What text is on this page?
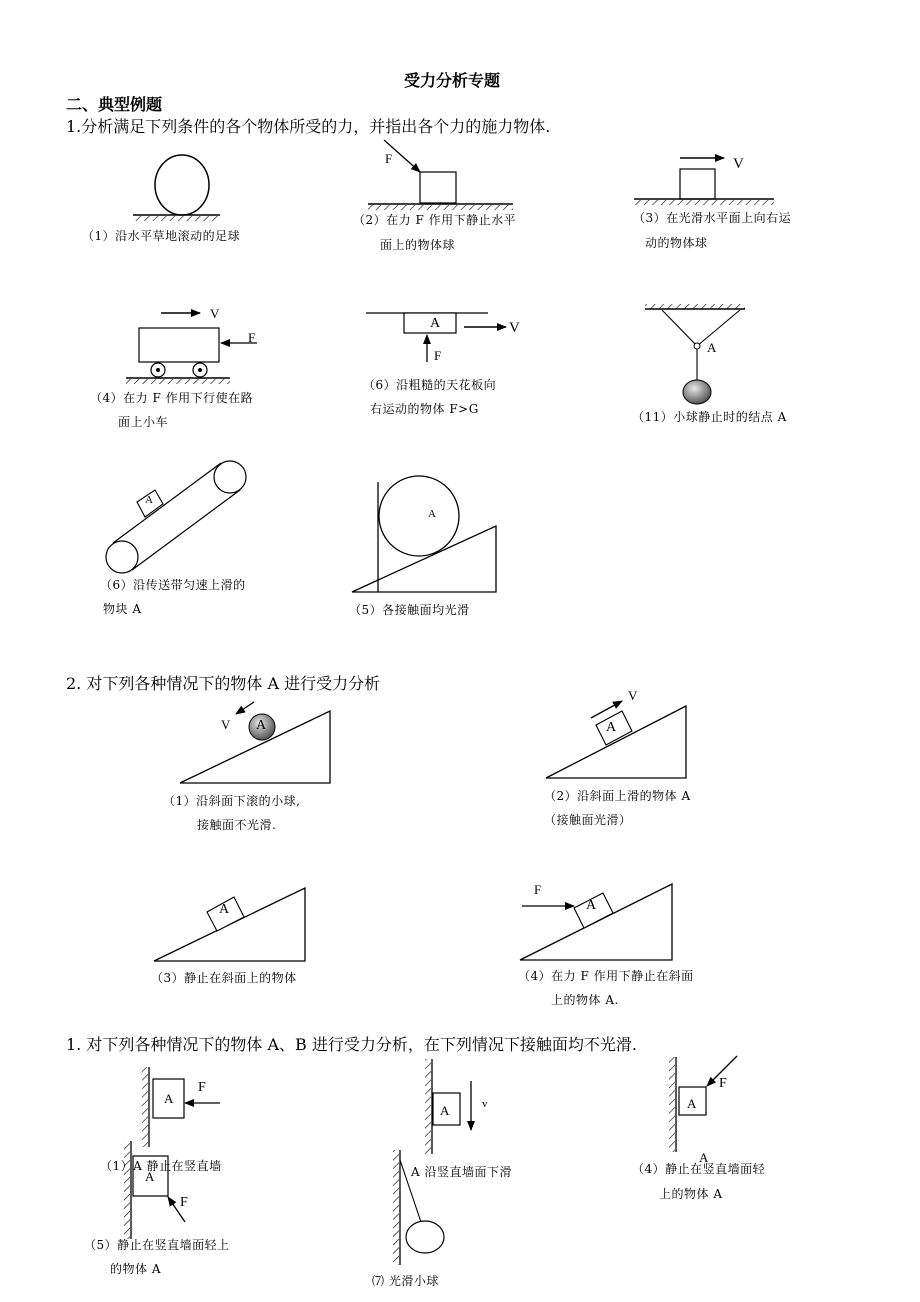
受力分析专题
二、典型例题
1.分析满足下列条件的各个物体所受的力，并指出各个力的施力物体.
2. 对下列各种情况下的物体 A 进行受力分析
1. 对下列各种情况下的物体 A、B 进行受力分析，在下列情况下接触面均不光滑.
F	V
V
F
A	V
F
A
A
A
V A
V
A
A
F
A
A
F
A
F
A	v	A
F
A
（1）沿水平草地滚动的足球
（2）在力 F 作用下静止水平
面上的物体球
（3）在光滑水平面上向右运
动的物体球
（4）在力 F 作用下行使在路
面上小车
（6）沿粗糙的天花板向
右运动的物体 F>G
（11）小球静止时的结点 A
（6）沿传送带匀速上滑的
物块 A	（5）各接触面均光滑
（1）沿斜面下滚的小球,
接触面不光滑.
（2）沿斜面上滑的物体 A
（接触面光滑）
（3）静止在斜面上的物体	（4）在力 F 作用下静止在斜面
上的物体 A.
（1）A 静止在竖直墙	A 沿竖直墙面下滑	（4）静止在竖直墙面轻
上的物体 A
（5）静止在竖直墙面轻上
的物体 A
⑺ 光滑小球
